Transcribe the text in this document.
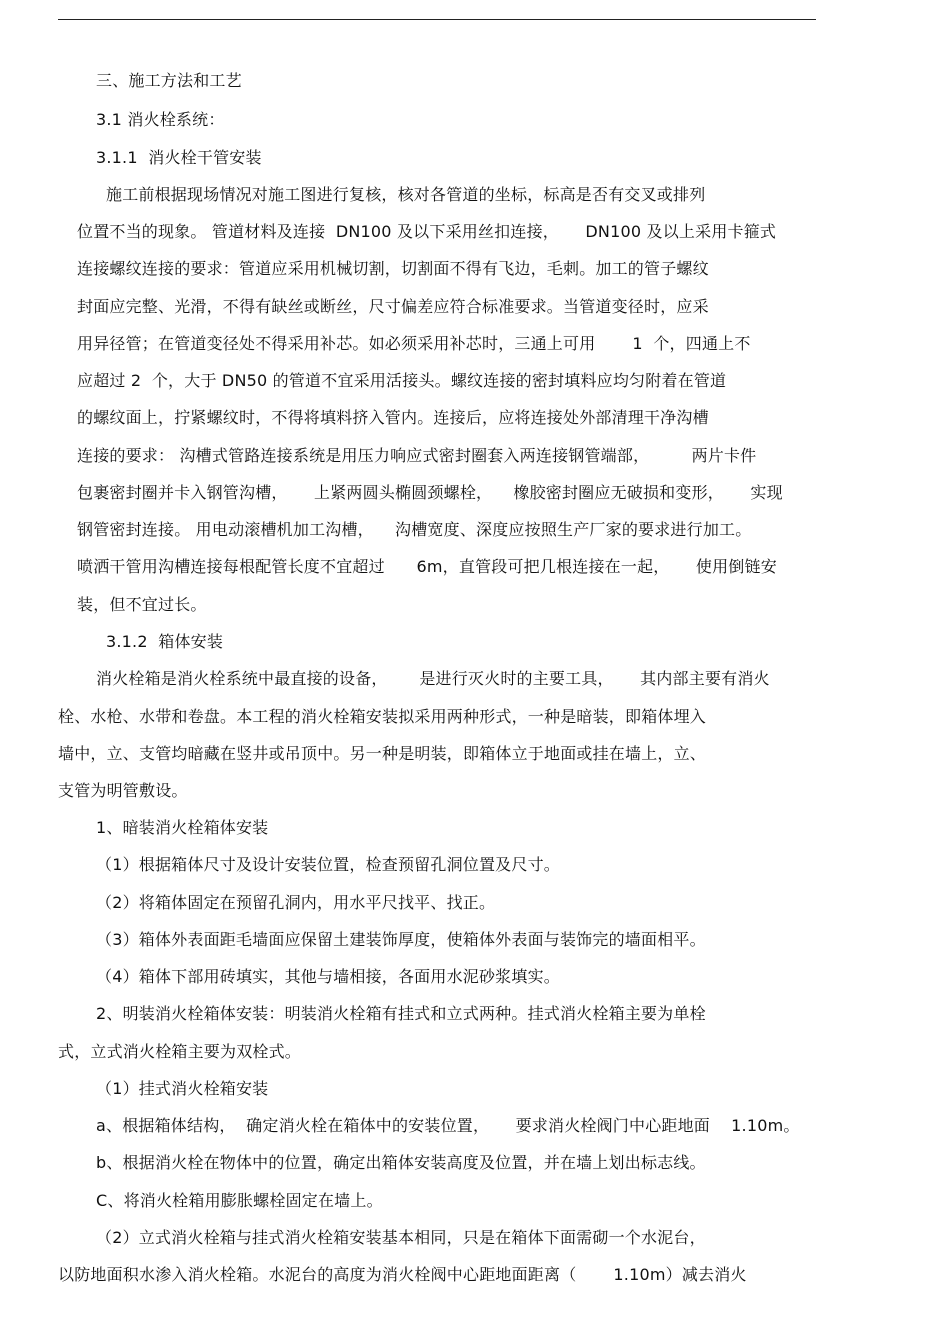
三、施工方法和工艺
3.1 消火栓系统：
3.1.1  消火栓干管安装
施工前根据现场情况对施工图进行复核，核对各管道的坐标，标高是否有交叉或排列
位置不当的现象。 管道材料及连接  DN100 及以下采用丝扣连接，     DN100 及以上采用卡箍式
连接螺纹连接的要求：管道应采用机械切割，切割面不得有飞边，毛刺。加工的管子螺纹
封面应完整、光滑，不得有缺丝或断丝，尺寸偏差应符合标准要求。当管道变径时，应采
用异径管；在管道变径处不得采用补芯。如必须采用补芯时，三通上可用       1  个，四通上不
应超过 2  个，大于 DN50 的管道不宜采用活接头。螺纹连接的密封填料应均匀附着在管道
的螺纹面上，拧紧螺纹时，不得将填料挤入管内。连接后，应将连接处外部清理干净沟槽
连接的要求： 沟槽式管路连接系统是用压力响应式密封圈套入两连接钢管端部，        两片卡件
包裹密封圈并卡入钢管沟槽，     上紧两圆头椭圆颈螺栓，    橡胶密封圈应无破损和变形，     实现
钢管密封连接。 用电动滚槽机加工沟槽，    沟槽宽度、深度应按照生产厂家的要求进行加工。
喷洒干管用沟槽连接每根配管长度不宜超过      6m，直管段可把几根连接在一起，     使用倒链安
装，但不宜过长。
3.1.2  箱体安装
消火栓箱是消火栓系统中最直接的设备，      是进行灭火时的主要工具，     其内部主要有消火
栓、水枪、水带和卷盘。本工程的消火栓箱安装拟采用两种形式，一种是暗装，即箱体埋入
墙中，立、支管均暗藏在竖井或吊顶中。另一种是明装，即箱体立于地面或挂在墙上，立、
支管为明管敷设。
1、暗装消火栓箱体安装
（1）根据箱体尺寸及设计安装位置，检查预留孔洞位置及尺寸。
（2）将箱体固定在预留孔洞内，用水平尺找平、找正。
（3）箱体外表面距毛墙面应保留土建装饰厚度，使箱体外表面与装饰完的墙面相平。
（4）箱体下部用砖填实，其他与墙相接，各面用水泥砂浆填实。
2、明装消火栓箱体安装：明装消火栓箱有挂式和立式两种。挂式消火栓箱主要为单栓
式，立式消火栓箱主要为双栓式。
（1）挂式消火栓箱安装
a、根据箱体结构，  确定消火栓在箱体中的安装位置，     要求消火栓阀门中心距地面    1.10m。
b、根据消火栓在物体中的位置，确定出箱体安装高度及位置，并在墙上划出标志线。
C、将消火栓箱用膨胀螺栓固定在墙上。
（2）立式消火栓箱与挂式消火栓箱安装基本相同，只是在箱体下面需砌一个水泥台，
以防地面积水渗入消火栓箱。水泥台的高度为消火栓阀中心距地面距离（       1.10m）减去消火
